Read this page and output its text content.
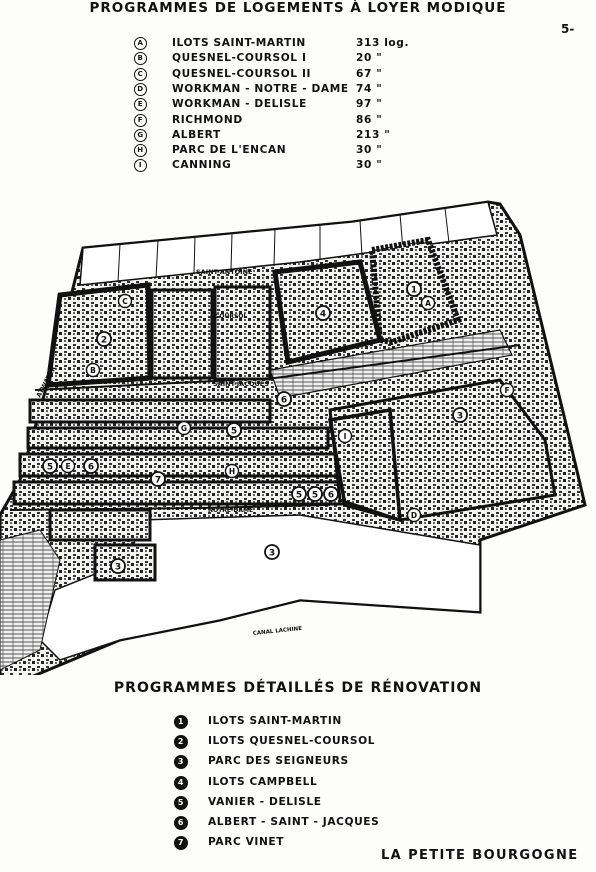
PROGRAMMES DE LOGEMENTS À LOYER MODIQUE
5-
A	ILOTS SAINT-MARTIN	313 log.
B	QUESNEL-COURSOL I	20 "
C	QUESNEL-COURSOL II	67 "
D	WORKMAN - NOTRE - DAME 74 "
E	WORKMAN - DELISLE	97 "
F	RICHMOND	86 "
G	ALBERT	213 "
H	PARC DE L'ENCAN	30 "
I	CANNING	30 "
SAINT-ANTOINE
COURSOL
SAINT-JACQUES
NOTRE-DAME
ATWATER
CANAL LACHINE
A
1
4
C
2
B
6
F
3
I
G	5
E
5	6
7
H
5 5 6
D
3
3
PROGRAMMES DÉTAILLÉS DE RÉNOVATION
1	ILOTS SAINT-MARTIN
2	ILOTS QUESNEL-COURSOL
3	PARC DES SEIGNEURS
4	ILOTS CAMPBELL
5	VANIER - DELISLE
6	ALBERT - SAINT - JACQUES
7	PARC VINET
LA PETITE BOURGOGNE
